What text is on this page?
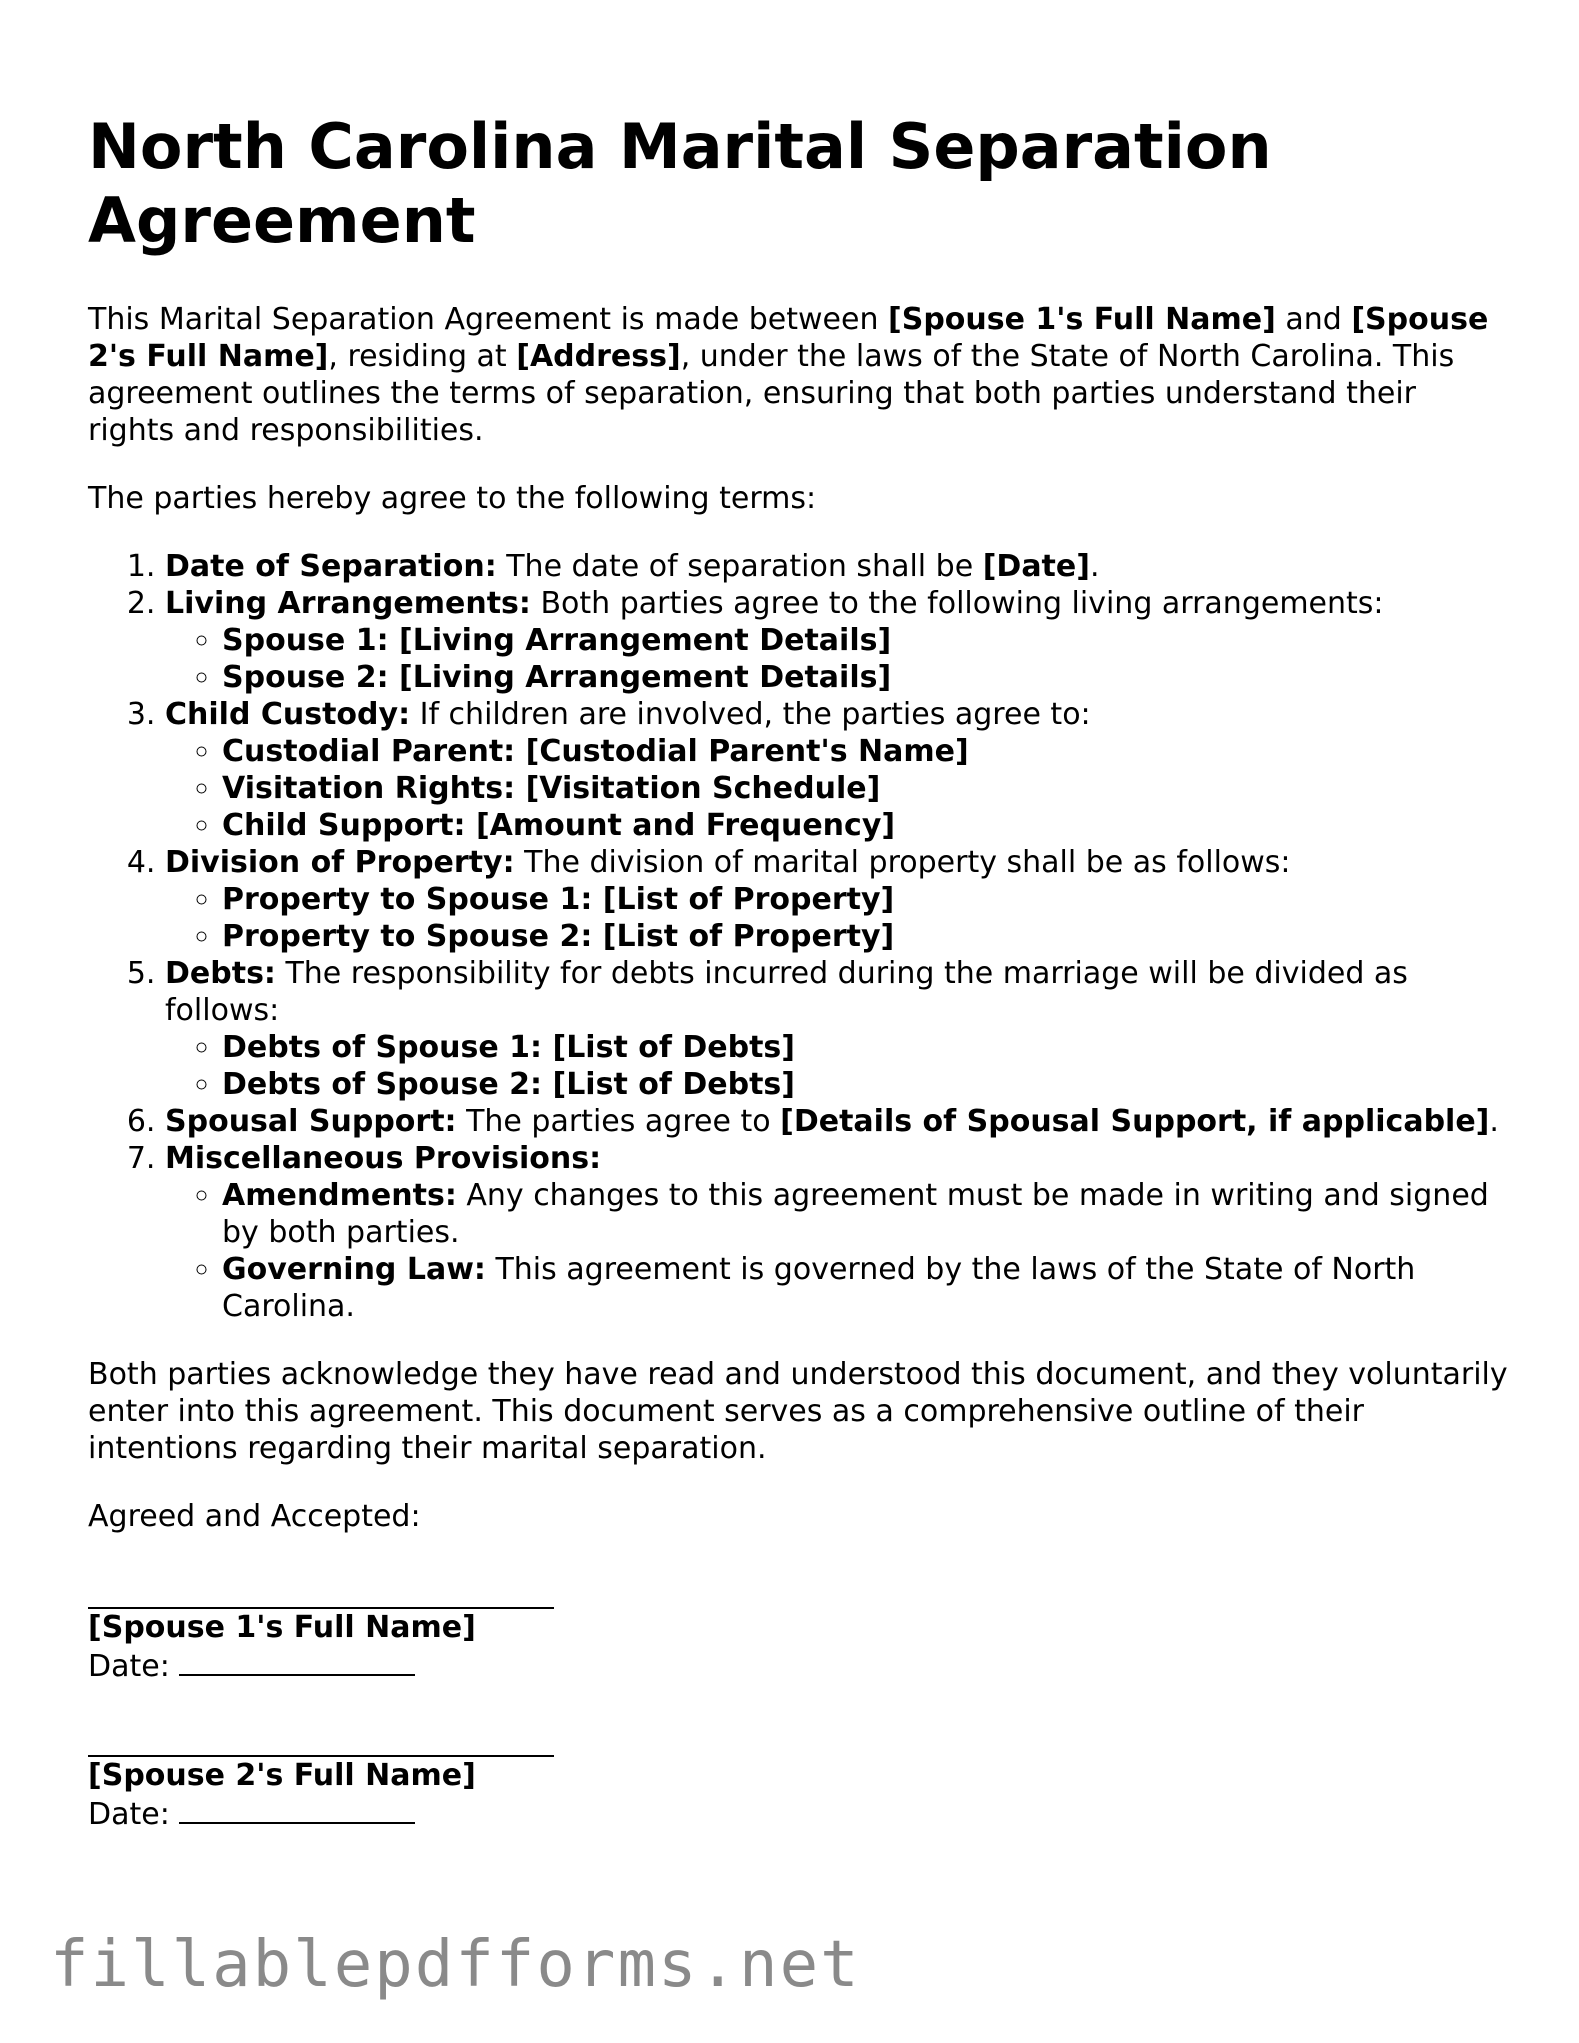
North Carolina Marital Separation Agreement

This Marital Separation Agreement is made between [Spouse 1's Full Name] and [Spouse 2's Full Name], residing at [Address], under the laws of the State of North Carolina. This agreement outlines the terms of separation, ensuring that both parties understand their rights and responsibilities.

The parties hereby agree to the following terms:

1. Date of Separation: The date of separation shall be [Date].
2. Living Arrangements: Both parties agree to the following living arrangements:
◦ Spouse 1: [Living Arrangement Details]
◦ Spouse 2: [Living Arrangement Details]
3. Child Custody: If children are involved, the parties agree to:
◦ Custodial Parent: [Custodial Parent's Name]
◦ Visitation Rights: [Visitation Schedule]
◦ Child Support: [Amount and Frequency]
4. Division of Property: The division of marital property shall be as follows:
◦ Property to Spouse 1: [List of Property]
◦ Property to Spouse 2: [List of Property]
5. Debts: The responsibility for debts incurred during the marriage will be divided as follows:
◦ Debts of Spouse 1: [List of Debts]
◦ Debts of Spouse 2: [List of Debts]
6. Spousal Support: The parties agree to [Details of Spousal Support, if applicable].
7. Miscellaneous Provisions:
◦ Amendments: Any changes to this agreement must be made in writing and signed by both parties.
◦ Governing Law: This agreement is governed by the laws of the State of North Carolina.

Both parties acknowledge they have read and understood this document, and they voluntarily enter into this agreement. This document serves as a comprehensive outline of their intentions regarding their marital separation.

Agreed and Accepted:

[Spouse 1's Full Name]
Date:
[Spouse 2's Full Name]
Date:
fillablepdfforms.net
